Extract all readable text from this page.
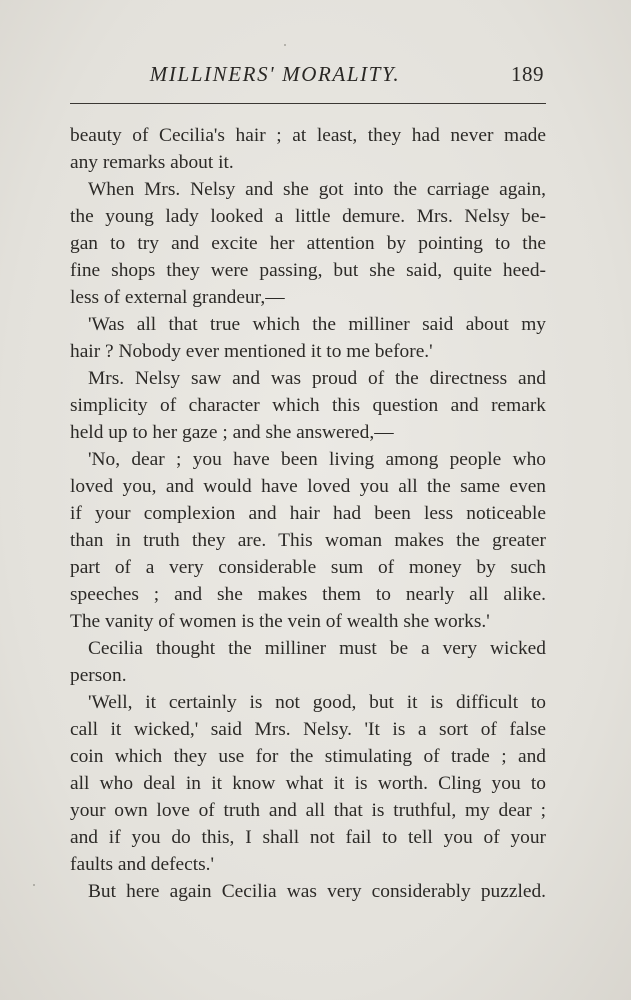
MILLINERS' MORALITY.	189
beauty of Cecilia's hair ; at least, they had never made
any remarks about it.
When Mrs. Nelsy and she got into the carriage again,
the young lady looked a little demure. Mrs. Nelsy be-
gan to try and excite her attention by pointing to the
fine shops they were passing, but she said, quite heed-
less of external grandeur,—
'Was all that true which the milliner said about my
hair ? Nobody ever mentioned it to me before.'
Mrs. Nelsy saw and was proud of the directness and
simplicity of character which this question and remark
held up to her gaze ; and she answered,—
'No, dear ; you have been living among people who
loved you, and would have loved you all the same even
if your complexion and hair had been less noticeable
than in truth they are. This woman makes the greater
part of a very considerable sum of money by such
speeches ; and she makes them to nearly all alike.
The vanity of women is the vein of wealth she works.'
Cecilia thought the milliner must be a very wicked
person.
'Well, it certainly is not good, but it is difficult to
call it wicked,' said Mrs. Nelsy. 'It is a sort of false
coin which they use for the stimulating of trade ; and
all who deal in it know what it is worth. Cling you to
your own love of truth and all that is truthful, my dear ;
and if you do this, I shall not fail to tell you of your
faults and defects.'
But here again Cecilia was very considerably puzzled.
